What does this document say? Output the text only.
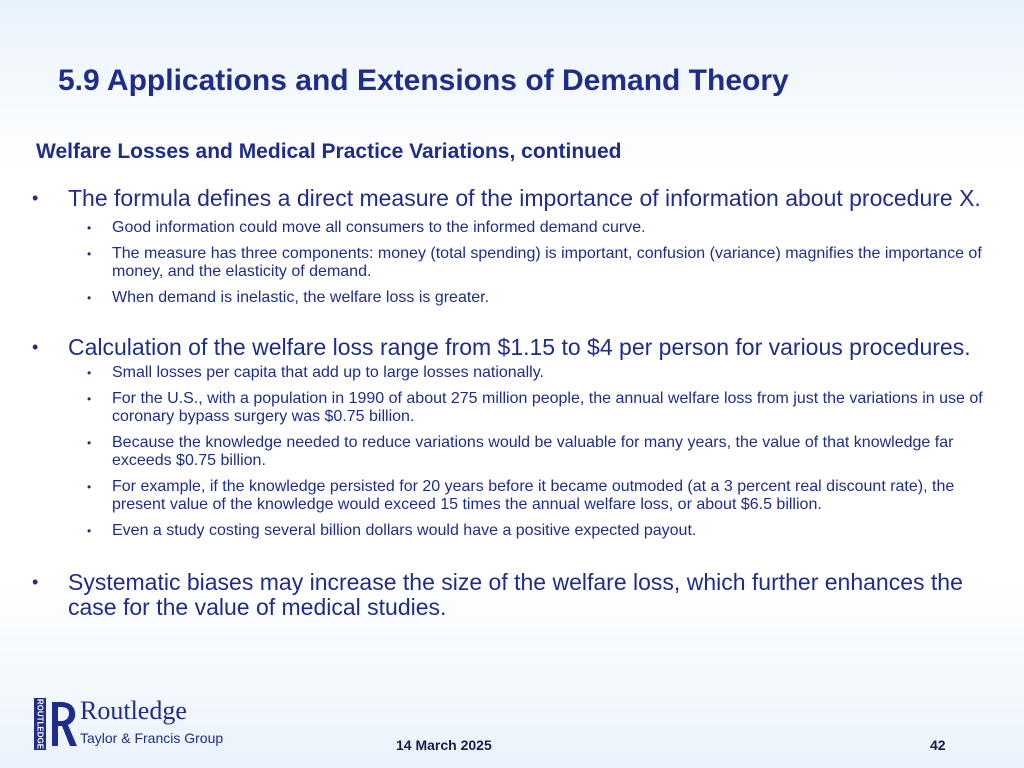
5.9 Applications and Extensions of Demand Theory
Welfare Losses and Medical Practice Variations, continued
• The formula defines a direct measure of the importance of information about procedure X.
• Good information could move all consumers to the informed demand curve.
• The measure has three components: money (total spending) is important, confusion (variance) magnifies the importance of money, and the elasticity of demand.
• When demand is inelastic, the welfare loss is greater.
• Calculation of the welfare loss range from $1.15 to $4 per person for various procedures.
• Small losses per capita that add up to large losses nationally.
• For the U.S., with a population in 1990 of about 275 million people, the annual welfare loss from just the variations in use of coronary bypass surgery was $0.75 billion.
• Because the knowledge needed to reduce variations would be valuable for many years, the value of that knowledge far exceeds $0.75 billion.
• For example, if the knowledge persisted for 20 years before it became outmoded (at a 3 percent real discount rate), the present value of the knowledge would exceed 15 times the annual welfare loss, or about $6.5 billion.
• Even a study costing several billion dollars would have a positive expected payout.
• Systematic biases may increase the size of the welfare loss, which further enhances the case for the value of medical studies.
ROUTLEDGE Routledge
Taylor & Francis Group	14 March 2025	42
